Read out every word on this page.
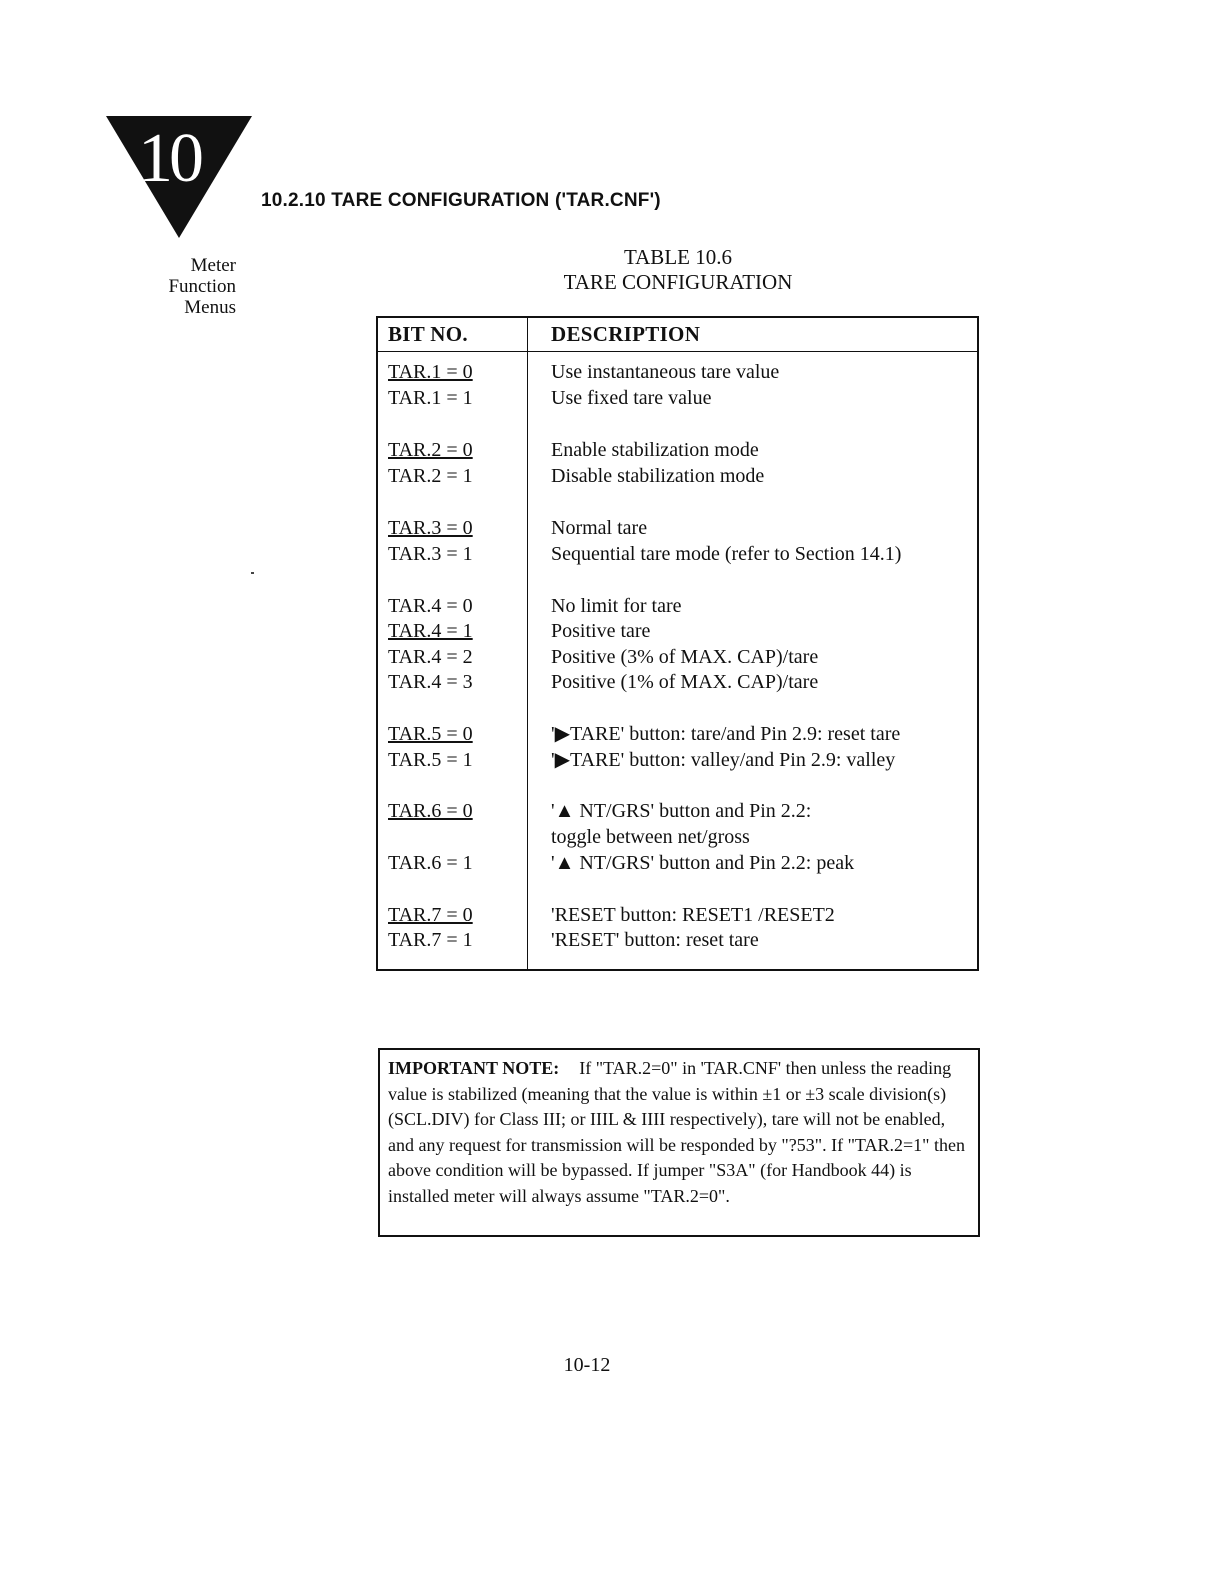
10
Meter
Function
Menus
10.2.10 TARE CONFIGURATION ('TAR.CNF')
TABLE 10.6
TARE CONFIGURATION
BIT NO.	DESCRIPTION
TAR.1 = 0	Use instantaneous tare value
TAR.1 = 1	Use fixed tare value
TAR.2 = 0	Enable stabilization mode
TAR.2 = 1	Disable stabilization mode
TAR.3 = 0	Normal tare
TAR.3 = 1	Sequential tare mode (refer to Section 14.1)
TAR.4 = 0	No limit for tare
TAR.4 = 1	Positive tare
TAR.4 = 2	Positive (3% of MAX. CAP)/tare
TAR.4 = 3	Positive (1% of MAX. CAP)/tare
TAR.5 = 0	'▶TARE' button: tare/and Pin 2.9: reset tare
TAR.5 = 1	'▶TARE' button: valley/and Pin 2.9: valley
TAR.6 = 0	'▲ NT/GRS' button and Pin 2.2:
toggle between net/gross
TAR.6 = 1	'▲ NT/GRS' button and Pin 2.2: peak
TAR.7 = 0	'RESET button: RESET1 /RESET2
TAR.7 = 1	'RESET' button: reset tare
IMPORTANT NOTE: If "TAR.2=0" in 'TAR.CNF' then unless the reading value is stabilized (meaning that the value is within ±1 or ±3 scale division(s) (SCL.DIV) for Class III; or IIIL & IIII respectively), tare will not be enabled, and any request for transmission will be responded by "?53". If "TAR.2=1" then above condition will be bypassed. If jumper "S3A" (for Handbook 44) is installed meter will always assume "TAR.2=0".
10-12
